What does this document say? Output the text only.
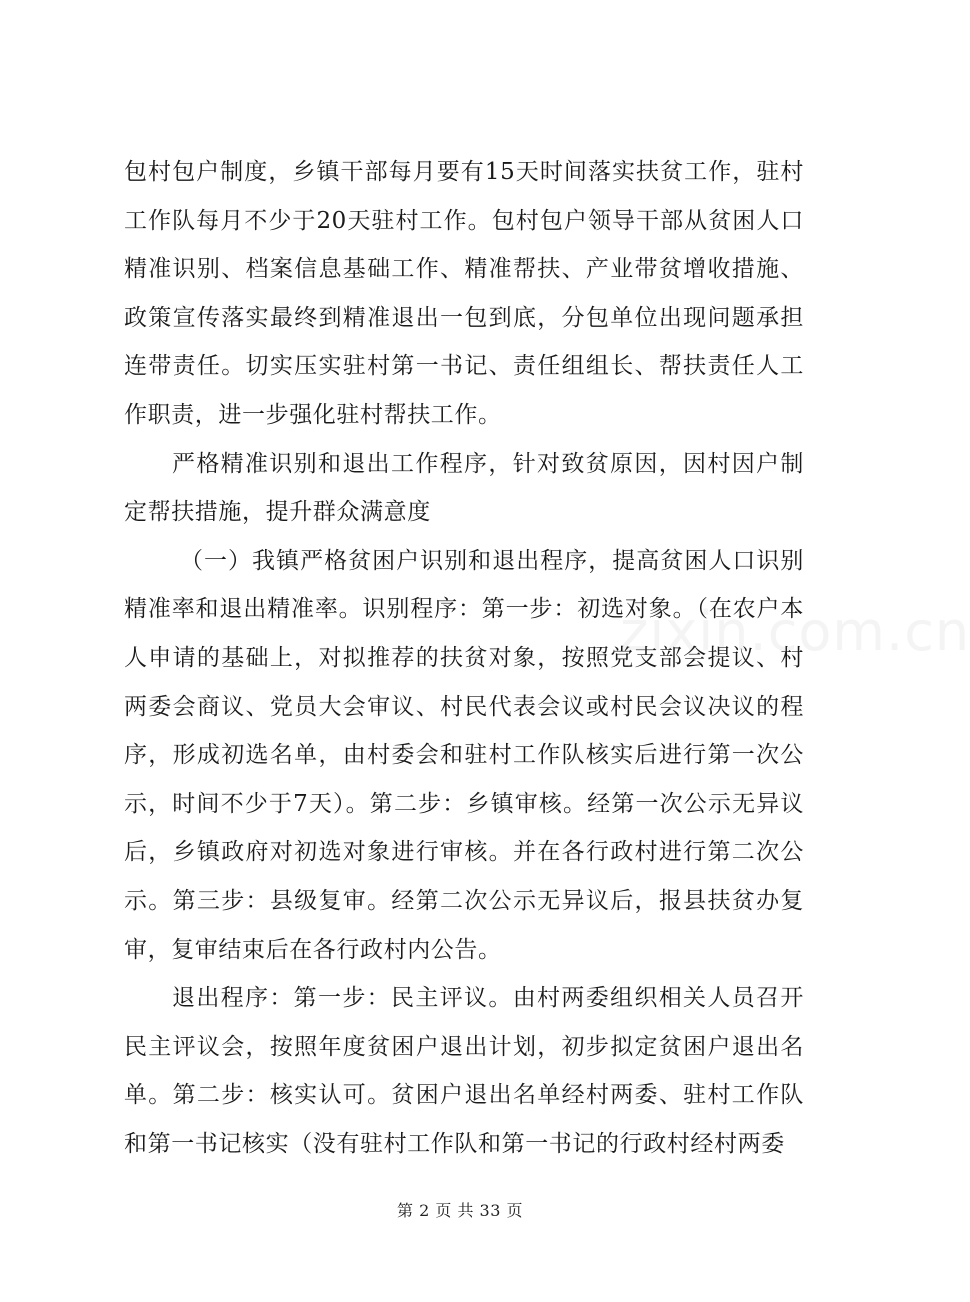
包村包户制度，乡镇干部每月要有15天时间落实扶贫工作，驻村工作队每月不少于20天驻村工作。包村包户领导干部从贫困人口精准识别、档案信息基础工作、精准帮扶、产业带贫增收措施、政策宣传落实最终到精准退出一包到底，分包单位出现问题承担连带责任。切实压实驻村第一书记、责任组组长、帮扶责任人工作职责，进一步强化驻村帮扶工作。

严格精准识别和退出工作程序，针对致贫原因，因村因户制定帮扶措施，提升群众满意度

（一）我镇严格贫困户识别和退出程序，提高贫困人口识别精准率和退出精准率。识别程序：第一步：初选对象。（在农户本人申请的基础上，对拟推荐的扶贫对象，按照党支部会提议、村两委会商议、党员大会审议、村民代表会议或村民会议决议的程序，形成初选名单，由村委会和驻村工作队核实后进行第一次公示，时间不少于7天）。第二步：乡镇审核。经第一次公示无异议后，乡镇政府对初选对象进行审核。并在各行政村进行第二次公示。第三步：县级复审。经第二次公示无异议后，报县扶贫办复审，复审结束后在各行政村内公告。

退出程序：第一步：民主评议。由村两委组织相关人员召开民主评议会，按照年度贫困户退出计划，初步拟定贫困户退出名单。第二步：核实认可。贫困户退出名单经村两委、驻村工作队和第一书记核实（没有驻村工作队和第一书记的行政村经村两委

zixin.com.cn
第 2 页 共 33 页
